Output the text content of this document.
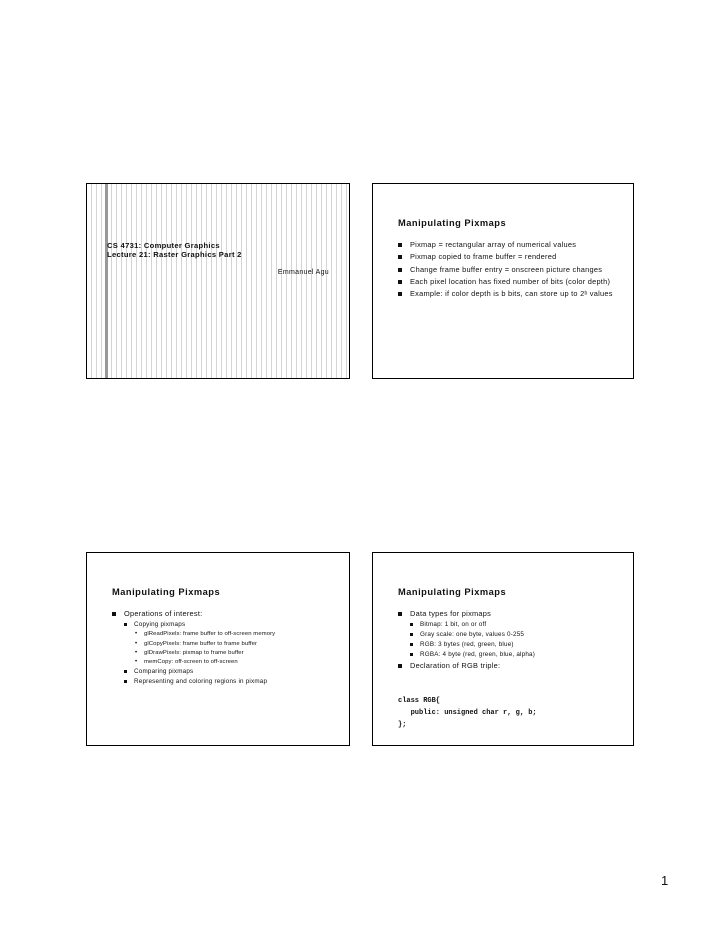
CS 4731: Computer Graphics
Lecture 21: Raster Graphics Part 2
Emmanuel Agu
Manipulating Pixmaps
Pixmap = rectangular array of numerical values
Pixmap copied to frame buffer = rendered
Change frame buffer entry = onscreen picture changes
Each pixel location has fixed number of bits (color depth)
Example: if color depth is b bits, can store up to 2ᵇ values
Manipulating Pixmaps
Operations of interest:
Copying pixmaps
• glReadPixels: frame buffer to off-screen memory
• glCopyPixels: frame buffer to frame buffer
• glDrawPixels: pixmap to frame buffer
• memCopy: off-screen to off-screen
Comparing pixmaps
Representing and coloring regions in pixmap
Manipulating Pixmaps
Data types for pixmaps
Bitmap: 1 bit, on or off
Gray scale: one byte, values 0-255
RGB: 3 bytes (red, green, blue)
RGBA: 4 byte (red, green, blue, alpha)
Declaration of RGB triple:
class RGB{
public: unsigned char r, g, b;
};
1
